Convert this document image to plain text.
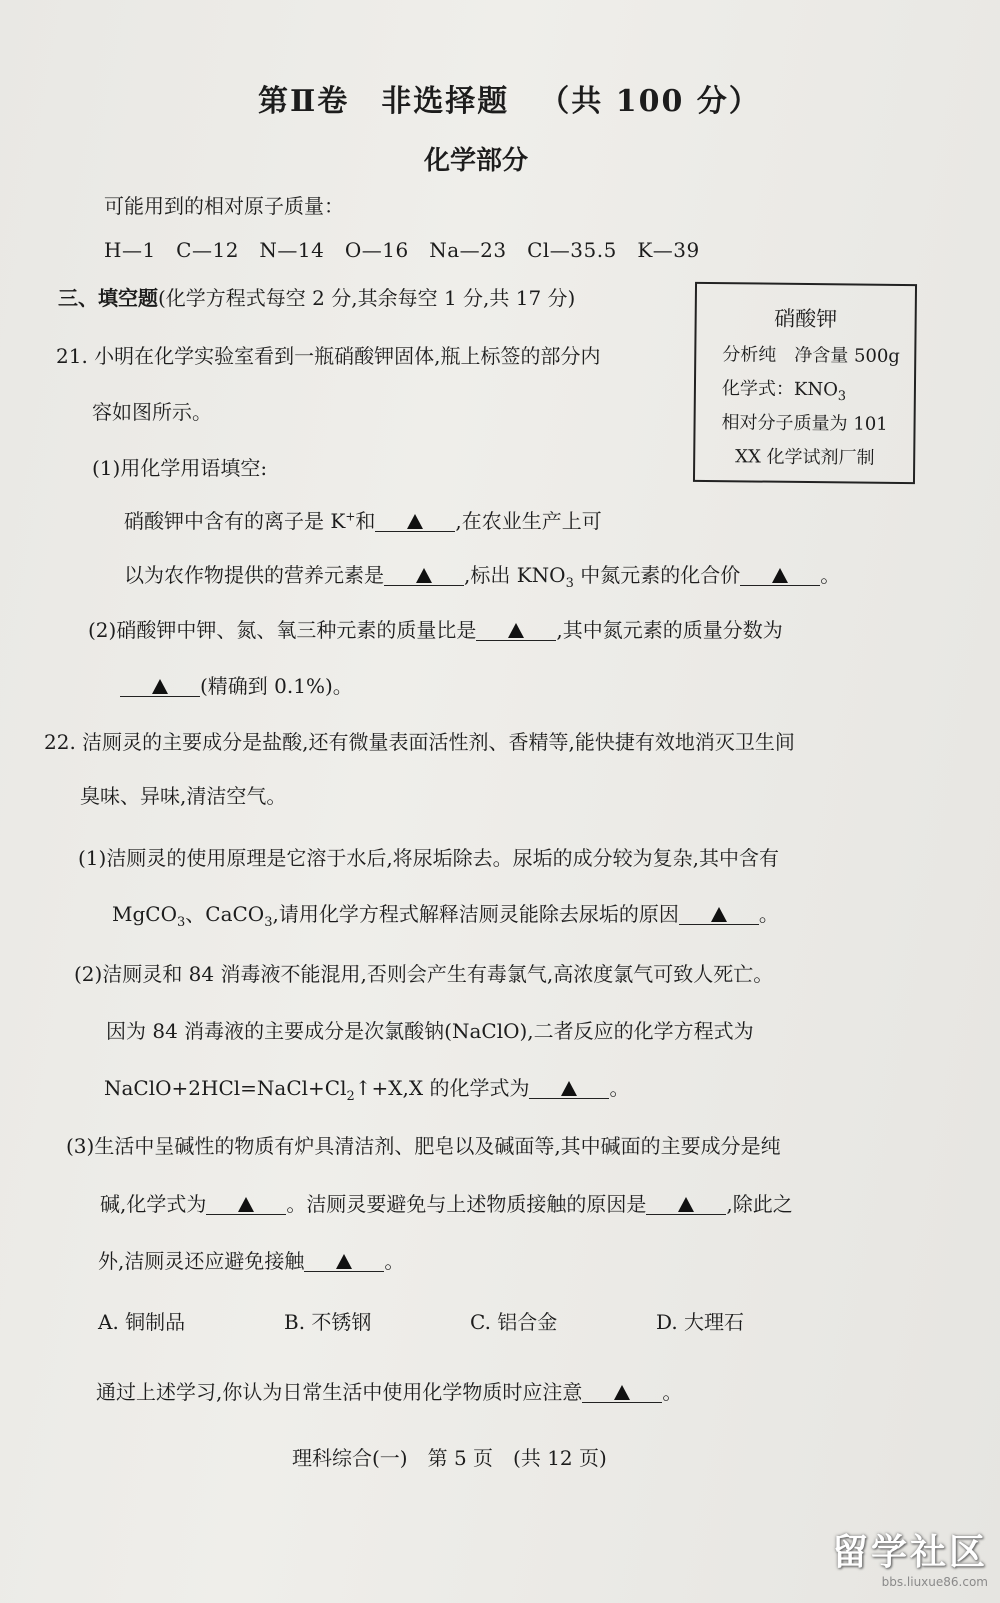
第Ⅱ卷　非选择题 （共 100 分）
化学部分
可能用到的相对原子质量：
H—1　C—12　N—14　O—16　Na—23　Cl—35.5　K—39
三、填空题(化学方程式每空 2 分,其余每空 1 分,共 17 分)
硝酸钾
分析纯　净含量 500g
化学式：$KNO_3$
相对分子质量为 101
XX 化学试剂厂制
21. 小明在化学实验室看到一瓶硝酸钾固体,瓶上标签的部分内
容如图所示。
(1)用化学用语填空:
硝酸钾中含有的离子是 K+和	,在农业生产上可
以为农作物提供的营养元素是	,标出 $KNO_3$ 中氮元素的化合价	。
(2)硝酸钾中钾、氮、氧三种元素的质量比是	,其中氮元素的质量分数为
(精确到 0.1%)。
22. 洁厕灵的主要成分是盐酸,还有微量表面活性剂、香精等,能快捷有效地消灭卫生间
臭味、异味,清洁空气。
(1)洁厕灵的使用原理是它溶于水后,将尿垢除去。尿垢的成分较为复杂,其中含有
MgCO$_3$、CaCO$_3$,请用化学方程式解释洁厕灵能除去尿垢的原因	。
(2)洁厕灵和 84 消毒液不能混用,否则会产生有毒氯气,高浓度氯气可致人死亡。
因为 84 消毒液的主要成分是次氯酸钠(NaClO),二者反应的化学方程式为
$NaClO+2HCl=NaCl+Cl_2↑+X,X$ 的化学式为	。
(3)生活中呈碱性的物质有炉具清洁剂、肥皂以及碱面等,其中碱面的主要成分是纯
碱,化学式为	。洁厕灵要避免与上述物质接触的原因是	,除此之
外,洁厕灵还应避免接触	。
A. 铜制品	B. 不锈钢	C. 铝合金	D. 大理石
通过上述学习,你认为日常生活中使用化学物质时应注意	。
理科综合(一)　第 5 页　(共 12 页)
留学社区
bbs.liuxue86.com
